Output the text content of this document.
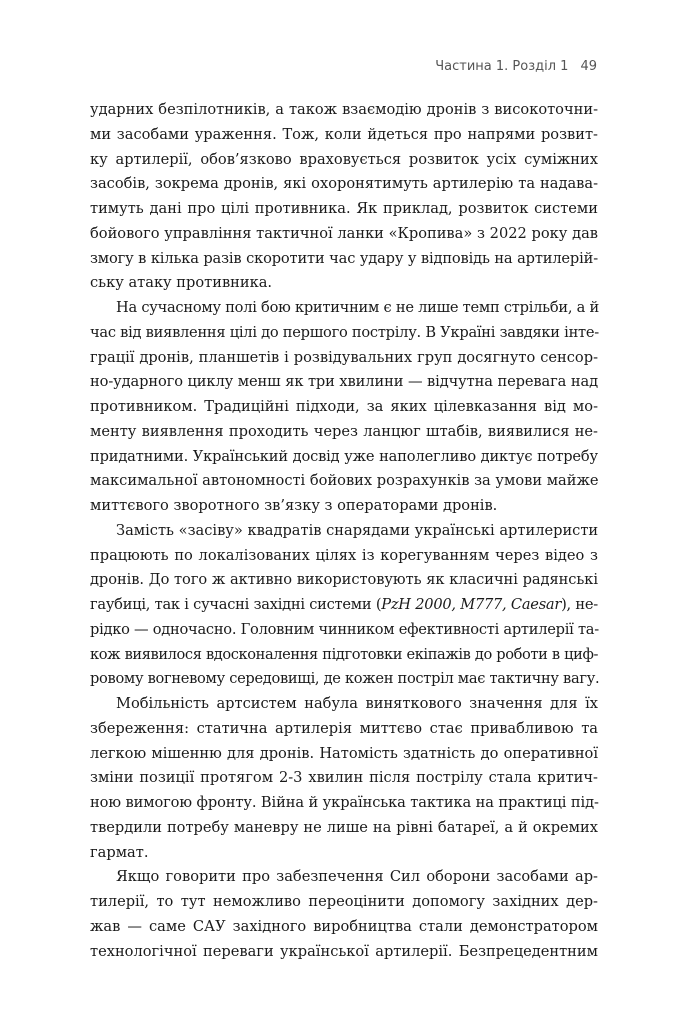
Частина 1. Розділ 1 49
ударних безпілотників, а також взаємодію дронів з високоточни-
ми засобами ураження. Тож, коли йдеться про напрями розвит-
ку артилерії, обов’язково враховується розвиток усіх суміжних
засобів, зокрема дронів, які охоронятимуть артилерію та надава-
тимуть дані про цілі противника. Як приклад, розвиток системи
бойового управління тактичної ланки «Кропива» з 2022 року дав
змогу в кілька разів скоротити час удару у відповідь на артилерій-
ську атаку противника.
На сучасному полі бою критичним є не лише темп стрільби, а й
час від виявлення цілі до першого пострілу. В Україні завдяки інте-
грації дронів, планшетів і розвідувальних груп досягнуто сенсор-
но-ударного циклу менш як три хвилини — відчутна перевага над
противником. Традиційні підходи, за яких цілевказання від мо-
менту виявлення проходить через ланцюг штабів, виявилися не-
придатними. Український досвід уже наполегливо диктує потребу
максимальної автономності бойових розрахунків за умови майже
миттєвого зворотного зв’язку з операторами дронів.
Замість «засіву» квадратів снарядами українські артилеристи
працюють по локалізованих цілях із корегуванням через відео з
дронів. До того ж активно використовують як класичні радянські
гаубиці, так і сучасні західні системи (PzH 2000, M777, Caesar), не-
рідко — одночасно. Головним чинником ефективності артилерії та-
кож виявилося вдосконалення підготовки екіпажів до роботи в циф-
ровому вогневому середовищі, де кожен постріл має тактичну вагу.
Мобільність артсистем набула виняткового значення для їх
збереження: статична артилерія миттєво стає привабливою та
легкою мішенню для дронів. Натомість здатність до оперативної
зміни позиції протягом 2-3 хвилин після пострілу стала критич-
ною вимогою фронту. Війна й українська тактика на практиці під-
твердили потребу маневру не лише на рівні батареї, а й окремих
гармат.
Якщо говорити про забезпечення Сил оборони засобами ар-
тилерії, то тут неможливо переоцінити допомогу західних дер-
жав — саме САУ західного виробництва стали демонстратором
технологічної переваги української артилерії. Безпрецедентним
